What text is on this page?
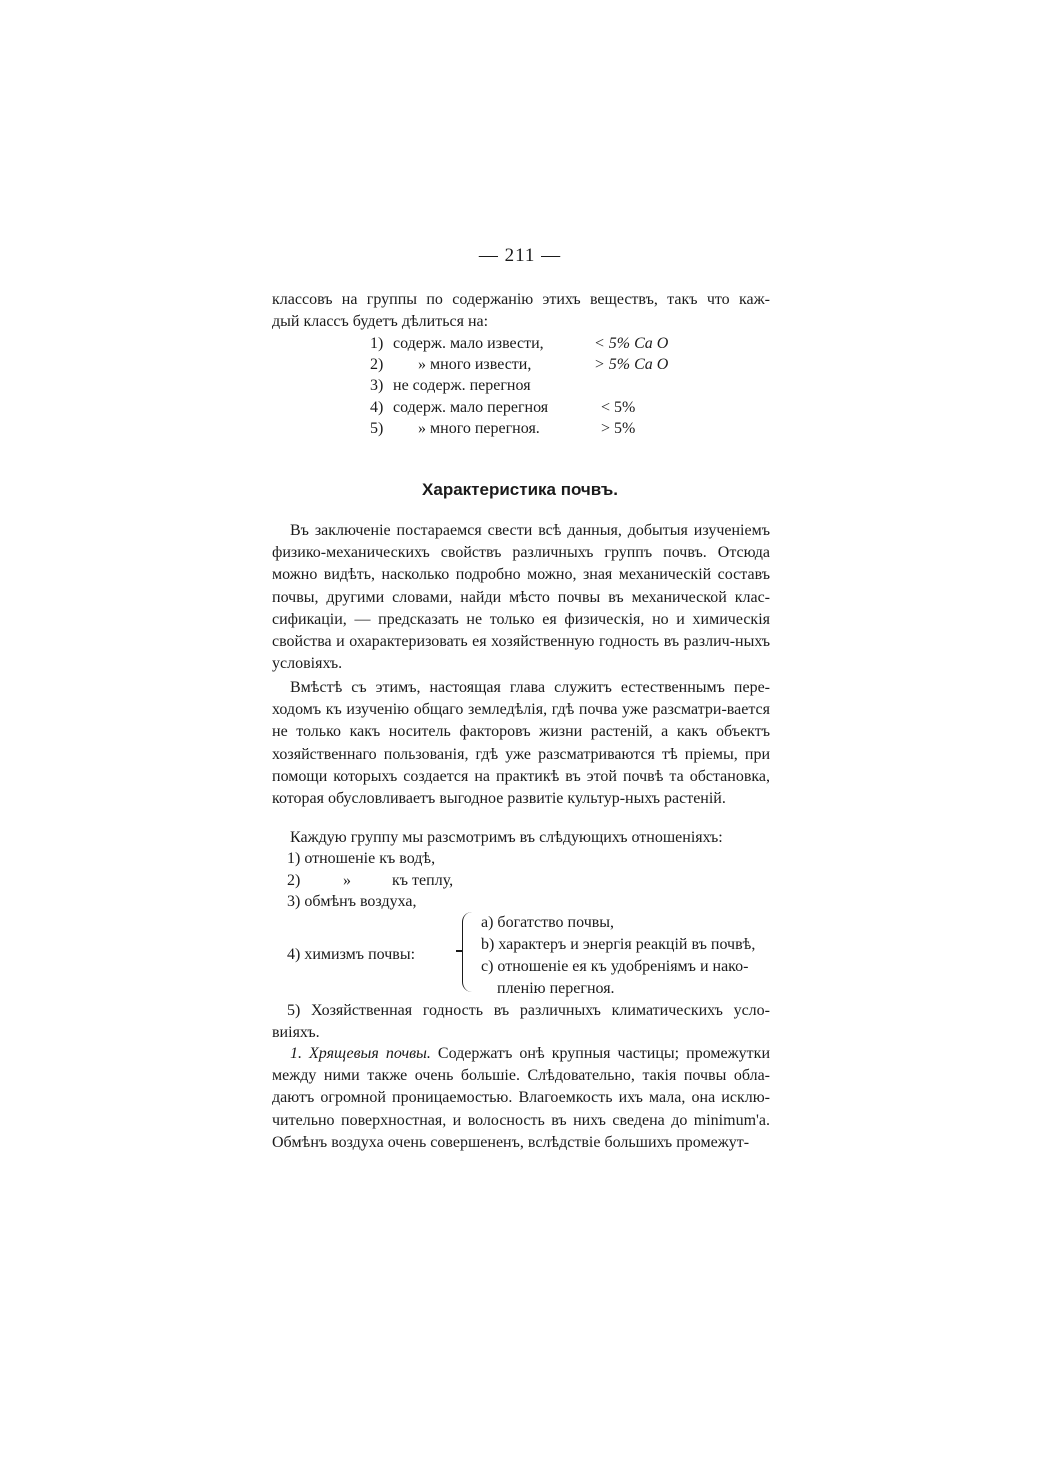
— 211 —
классовъ на группы по содержанію этихъ веществъ, такъ что каж-
дый классъ будетъ дѣлиться на:
1) содерж. мало извести,	< 5% Ca O
2) » много извести,	> 5% Ca O
3) не содерж. перегноя
4) содерж. мало перегноя	< 5%
5) » много перегноя.	> 5%
Характеристика почвъ.
Въ заключеніе постараемся свести всѣ данныя, добытыя изученіемъ физико-механическихъ свойствъ различныхъ группъ почвъ. Отсюда можно видѣть, насколько подробно можно, зная механическій составъ почвы, другими словами, найди мѣсто почвы въ механической клас-сификаціи, — предсказать не только ея физическія, но и химическія свойства и охарактеризовать ея хозяйственную годность въ различ-ныхъ условіяхъ.
Вмѣстѣ съ этимъ, настоящая глава служитъ естественнымъ пере-ходомъ къ изученію общаго земледѣлія, гдѣ почва уже разсматри-вается не только какъ носитель факторовъ жизни растеній, а какъ объектъ хозяйственнаго пользованія, гдѣ уже разсматриваются тѣ пріемы, при помощи которыхъ создается на практикѣ въ этой почвѣ та обстановка, которая обусловливаетъ выгодное развитіе культур-ныхъ растеній.
Каждую группу мы разсмотримъ въ слѣдующихъ отношеніяхъ:
1) отношеніе къ водѣ,
2)	»	къ теплу,
3) обмѣнъ воздуха,
4) химизмъ почвы:
a) богатство почвы,
b) характеръ и энергія реакцій въ почвѣ,
c) отношеніе ея къ удобреніямъ и нако-
пленію перегноя.
5) Хозяйственная годность въ различныхъ климатическихъ усло-виіяхъ.
1. Хрящевыя почвы. Содержатъ онѣ крупныя частицы; промежутки между ними также очень большіе. Слѣдовательно, такія почвы обла-даютъ огромной проницаемостью. Влагоемкость ихъ мала, она исклю-чительно поверхностная, и волосность въ нихъ сведена до minimum'а. Обмѣнъ воздуха очень совершененъ, вслѣдствіе большихъ промежут-
